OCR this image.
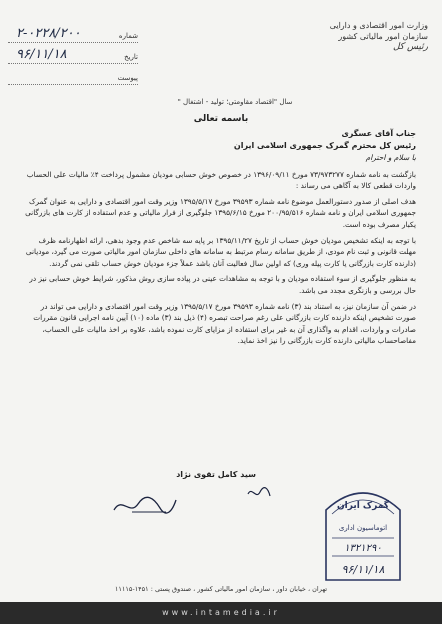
وزارت امور اقتصادی و دارایی
سازمان امور مالیاتی کشور
رئیس کل
شماره
۲-۰۲۲۸/۲۰۰
تاریخ
۹۶/۱۱/۱۸
پیوست
سال "اقتصاد مقاومتی؛ تولید - اشتغال "
باسمه تعالی

جناب آقای عسگری

رئیس کل محترم گمرک جمهوری اسلامی ایران

با سلام و احترام

بازگشت به نامه شماره ۷۳/۹۷۳۲۷۷ مورخ ۱۳۹۶/۰۹/۱۱ در خصوص خوش حسابی مودیان مشمول پرداخت ۴٪ مالیات علی الحساب واردات قطعی کالا به آگاهی می رساند :

هدف اصلی از صدور دستورالعمل موضوع نامه شماره ۳۹۵۹۳ مورخ ۱۳۹۵/۵/۱۷ وزیر وقت امور اقتصادی و دارایی به عنوان گمرک جمهوری اسلامی ایران و نامه شماره ۲۰۰/۹۵/۵۱۶ مورخ ۱۳۹۵/۶/۱۵ جلوگیری از فرار مالیاتی و عدم استفاده از کارت های بازرگانی یکبار مصرف بوده است.

با توجه به اینکه تشخیص مودیان خوش حساب از تاریخ ۱۳۹۵/۱۱/۲۷ بر پایه سه شاخص عدم وجود بدهی، ارائه اظهارنامه ظرف مهلت قانونی و ثبت نام مودی، از طریق سامانه رسام مرتبط به سامانه های داخلی سازمان امور مالیاتی صورت می گیرد، مودیانی (دارنده کارت بازرگانی یا کارت پیله وری) که اولین سال فعالیت آنان باشد عملاً جزء مودیان خوش حساب تلقی نمی گردند.

به منظور جلوگیری از سوء استفاده مودیان و با توجه به مشاهدات عینی در پیاده سازی روش مذکور، شرایط خوش حسابی نیز در حال بررسی و بازنگری مجدد می باشد.

در ضمن آن سازمان نیز، به استناد بند (۳) نامه شماره ۳۹۵۹۳ مورخ ۱۳۹۵/۵/۱۷ وزیر وقت امور اقتصادی و دارایی می تواند در صورت تشخیص اینکه دارنده کارت بازرگانی علی رغم صراحت تبصره (۴) ذیل بند (۳) ماده (۱۰) آیین نامه اجرایی قانون مقررات صادرات و واردات، اقدام به واگذاری آن به غیر برای استفاده از مزایای کارت نموده باشد، علاوه بر اخذ مالیات علی الحساب، مفاصاحساب مالیاتی دارنده کارت بازرگانی را نیز اخذ نماید.

سید کامل تقوی نژاد
گمرک ایران
اتوماسیون اداری
۱۳۲۱۲۹۰
۹۶/۱۱/۱۸
تهران ، خیابان داور ، سازمان امور مالیاتی کشور ، صندوق پستی : ۱۴۵۱-۱۱۱۱۵
www.intamedia.ir
